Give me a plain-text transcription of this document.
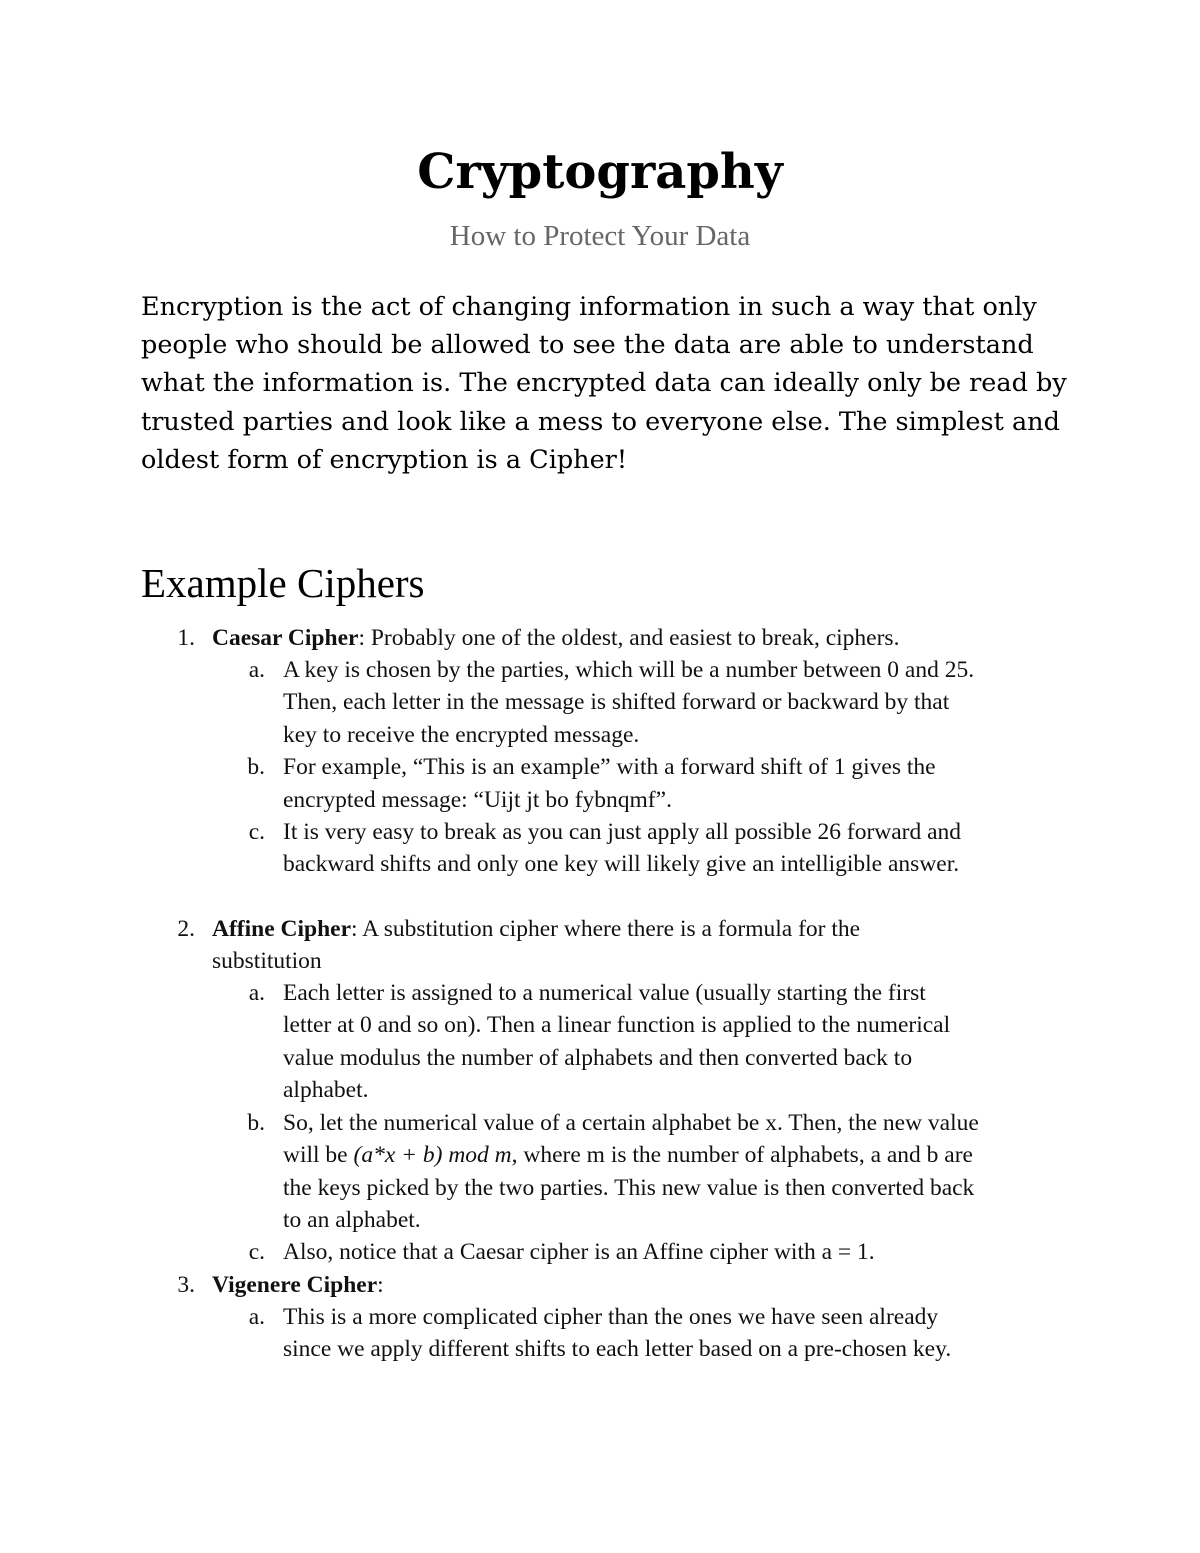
Cryptography

How to Protect Your Data

Encryption is the act of changing information in such a way that only people who should be allowed to see the data are able to understand what the information is. The encrypted data can ideally only be read by trusted parties and look like a mess to everyone else. The simplest and oldest form of encryption is a Cipher!

Example Ciphers
1. Caesar Cipher: Probably one of the oldest, and easiest to break, ciphers.
a. A key is chosen by the parties, which will be a number between 0 and 25.
Then, each letter in the message is shifted forward or backward by that
key to receive the encrypted message.
b. For example, “This is an example” with a forward shift of 1 gives the
encrypted message: “Uijt jt bo fybnqmf”.
c. It is very easy to break as you can just apply all possible 26 forward and
backward shifts and only one key will likely give an intelligible answer.
2. Affine Cipher: A substitution cipher where there is a formula for the
substitution
a. Each letter is assigned to a numerical value (usually starting the first
letter at 0 and so on). Then a linear function is applied to the numerical
value modulus the number of alphabets and then converted back to
alphabet.
b. So, let the numerical value of a certain alphabet be x. Then, the new value
will be (a*x + b) mod m, where m is the number of alphabets, a and b are
the keys picked by the two parties. This new value is then converted back
to an alphabet.
c. Also, notice that a Caesar cipher is an Affine cipher with a = 1.
3. Vigenere Cipher:
a. This is a more complicated cipher than the ones we have seen already
since we apply different shifts to each letter based on a pre-chosen key.
